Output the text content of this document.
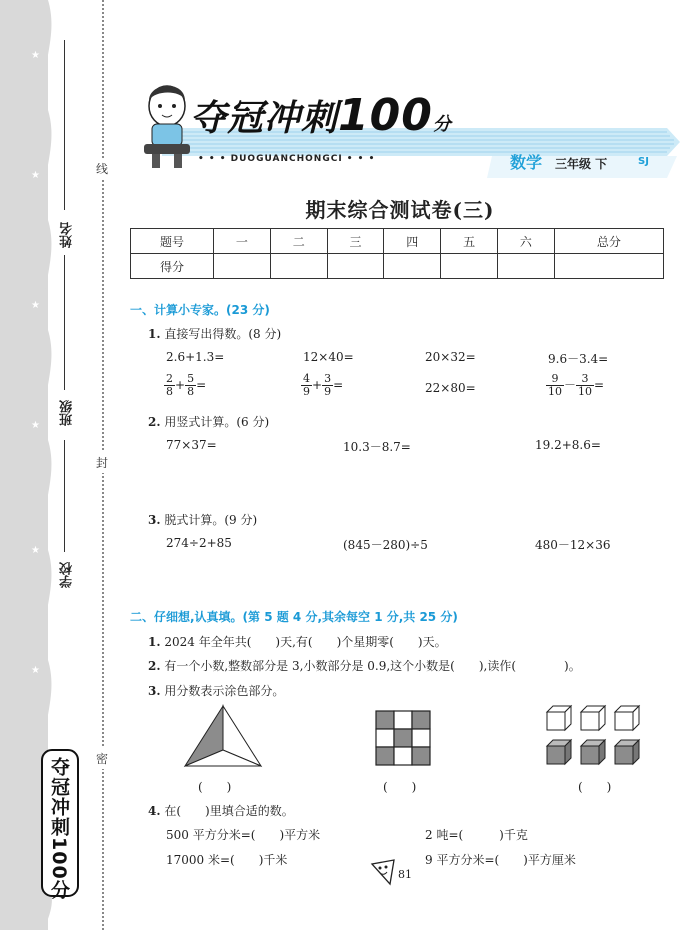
★
★
★
★
★
★
线
封
密
姓名
班级
学校
夺冠冲刺100分
夺冠冲刺100分
• • • DUOGUANCHONGCI • • •	数学 三年级 下	SJ
期末综合测试卷(三)
题号	一	二	三	四	五	六	总分
得分							
一、计算小专家。(23 分)
1. 直接写出得数。(8 分)
2.6+1.3=	12×40=	20×32=	9.6－3.4=
$\frac{2}{8} + \frac{5}{8}$ =	$\frac{4}{9} + \frac{3}{9}$ =	22×80=	$\frac{9}{10} - \frac{3}{10}$ =
2. 用竖式计算。(6 分)
77×37=	10.3－8.7=	19.2+8.6=
3. 脱式计算。(9 分)
274÷2+85	(845－280)÷5	480－12×36
二、仔细想,认真填。(第 5 题 4 分,其余每空 1 分,共 25 分)
1. 2024 年全年共(　　)天,有(　　)个星期零(　　)天。
2. 有一个小数,整数部分是 3,小数部分是 0.9,这个小数是(　　),读作(　　　　)。
3. 用分数表示涂色部分。
(　　)	(　　)	(　　)
4. 在(　　)里填合适的数。
500 平方分米=(　　)平方米	2 吨=(　　　)千克
17000 米=(　　)千米	9 平方分米=(　　)平方厘米
81
